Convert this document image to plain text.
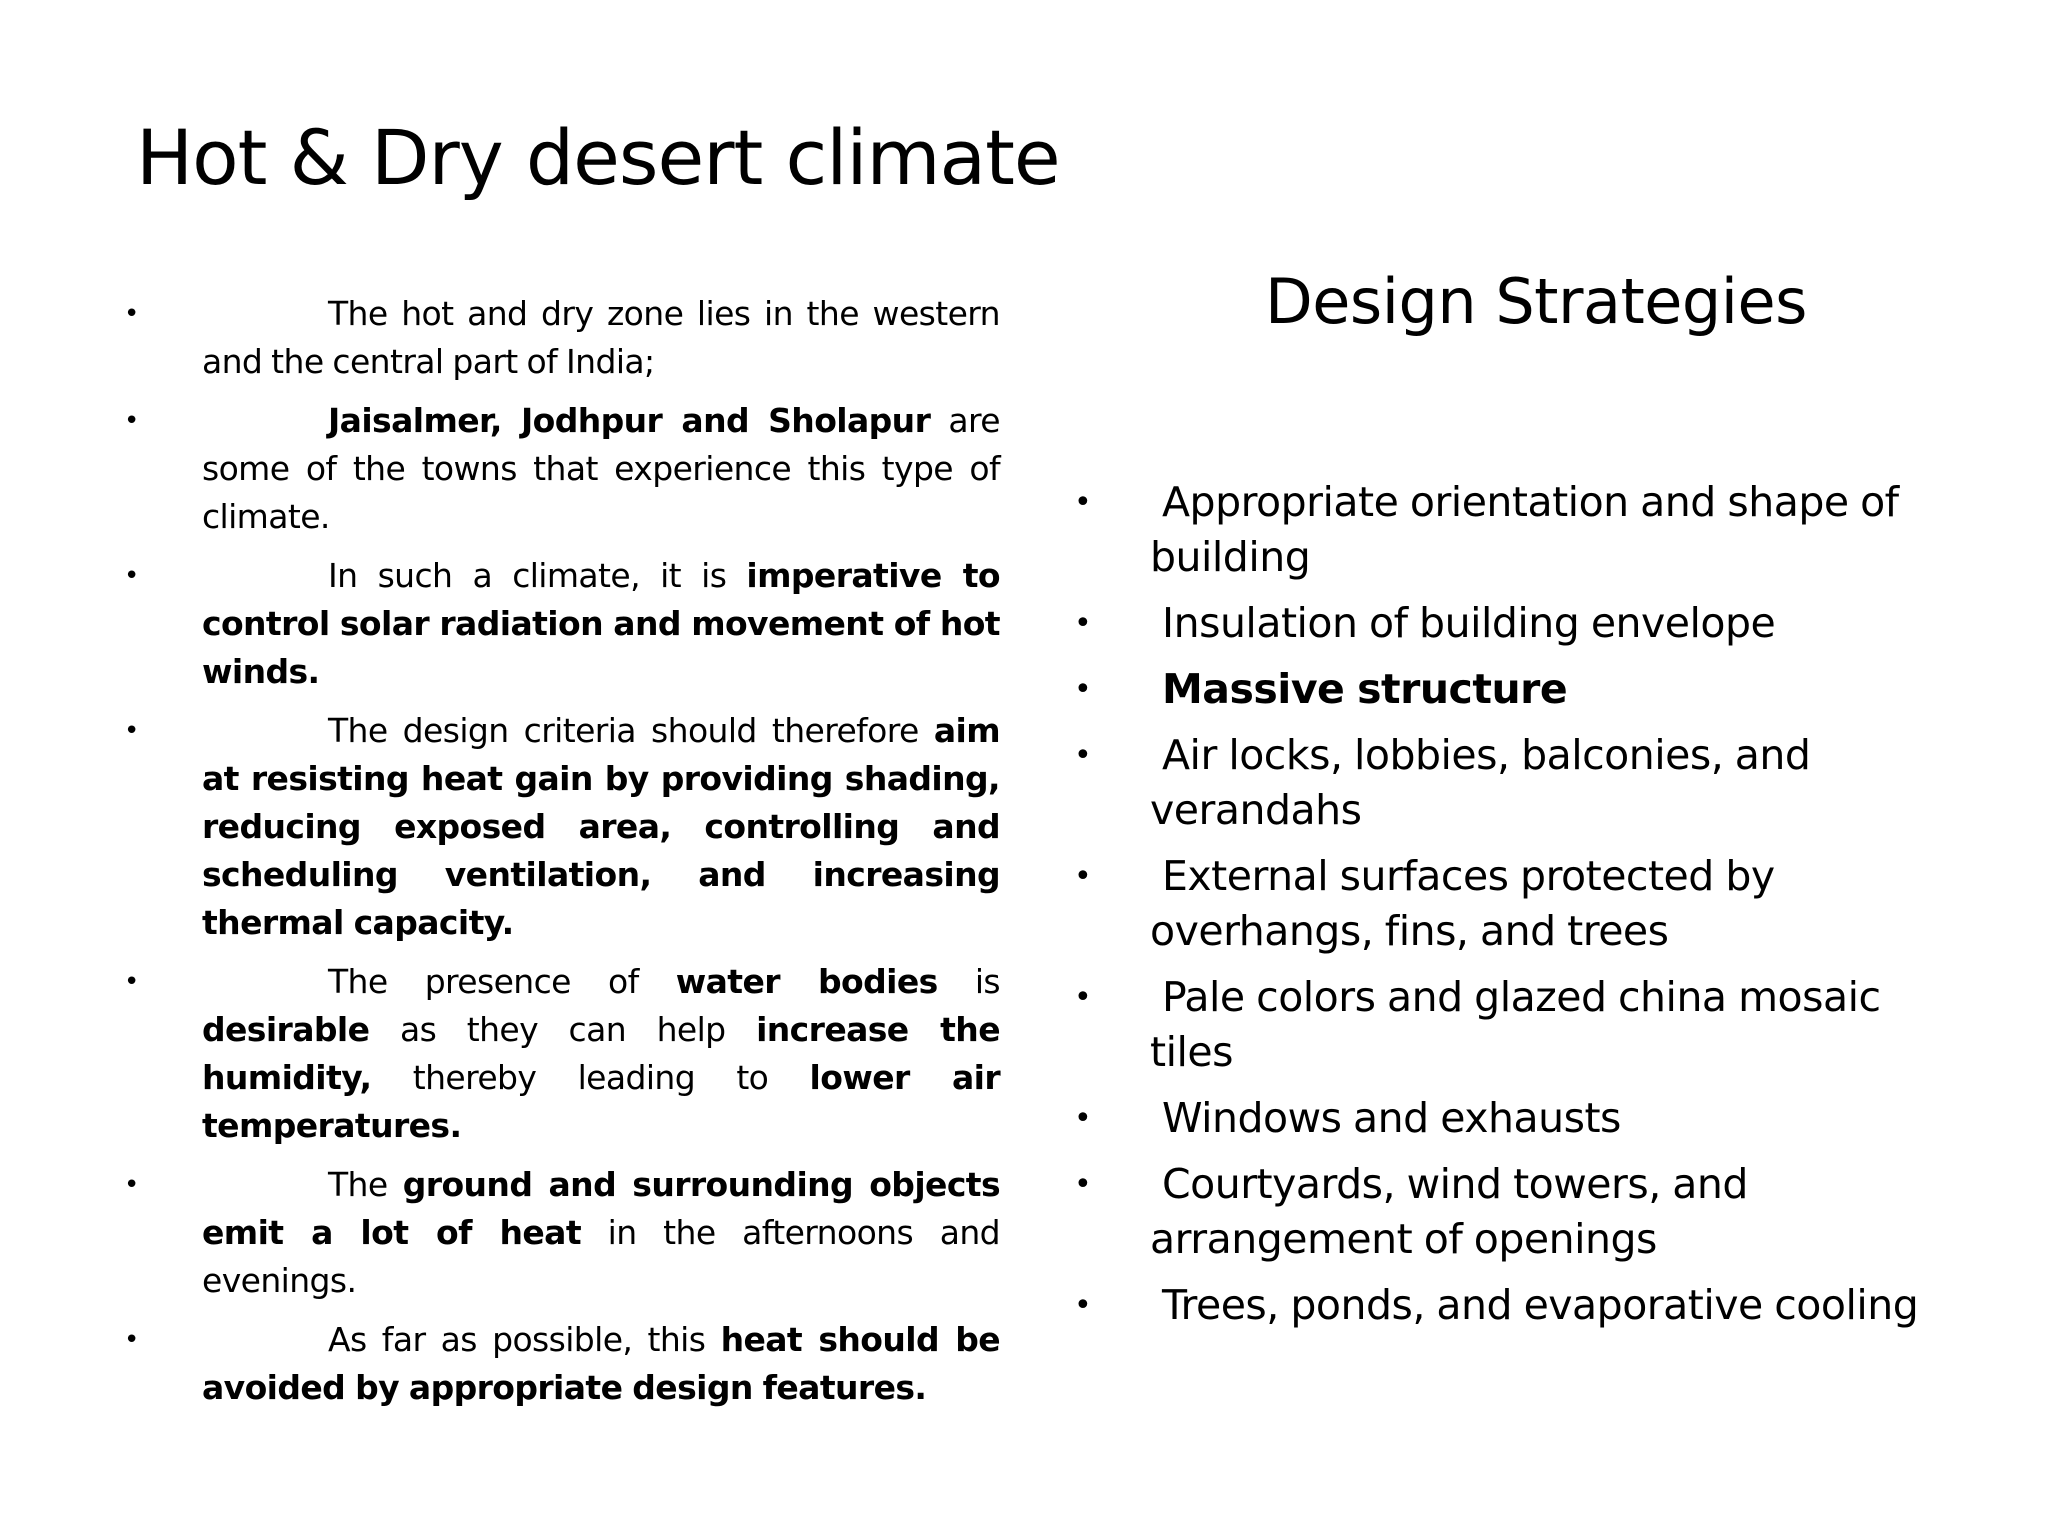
Hot & Dry desert climate
•	The hot and dry zone lies in the western and the central part of India;
•	Jaisalmer, Jodhpur and Sholapur are some of the towns that experience this type of climate.
•	In such a climate, it is imperative to control solar radiation and movement of hot winds.
•	The design criteria should therefore aim at resisting heat gain by providing shading, reducing exposed area, controlling and scheduling ventilation, and increasing thermal capacity.
•	The presence of water bodies is desirable as they can help increase the humidity, thereby leading to lower air temperatures.
•	The ground and surrounding objects emit a lot of heat in the afternoons and evenings.
•	As far as possible, this heat should be avoided by appropriate design features.
Design Strategies
• Appropriate orientation and shape of building
• Insulation of building envelope
• Massive structure
• Air locks, lobbies, balconies, and verandahs
• External surfaces protected by overhangs, fins, and trees
• Pale colors and glazed china mosaic tiles
• Windows and exhausts
• Courtyards, wind towers, and arrangement of openings
• Trees, ponds, and evaporative cooling
